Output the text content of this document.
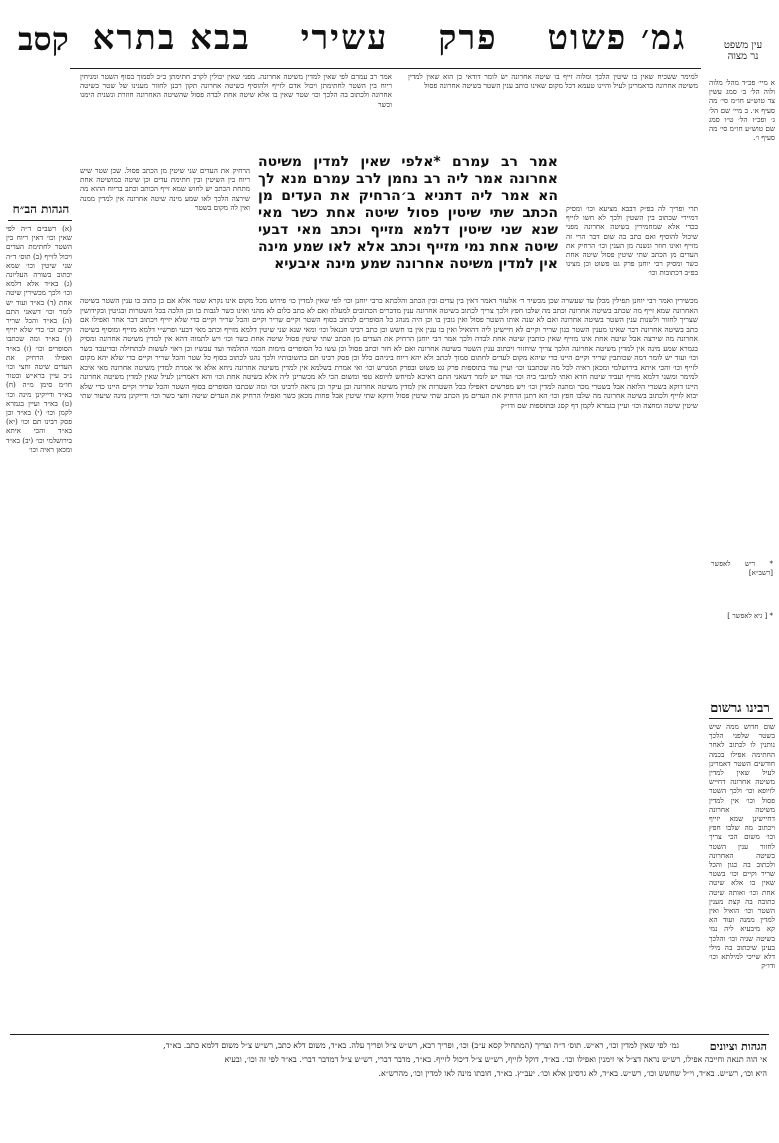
גמ׳ פשוט פרק עשירי בבא בתרא
קסב	עין משפט
נר מצוה
א מיי׳ פכ״ד מהל׳ מלוה ולוה הל׳ ב׳ סמג עשין צד טוש״ע חו״מ סי׳ מה סעיף א׳. ב מיי׳ שם הל׳ ג׳ ופכ״ז הל׳ ט״ו סמג שם טוש״ע חו״מ סי׳ מה סעיף ו׳.
* [ גיא לאפשר ]
רבינו גרשום
שום חדוש ממה שיש בשטר שלפני הלכך נותנין לו לכתוב לאחר החתימה אפילו בכמה חודשים השטר דאמרינן לעיל שאין למדין משיטה אחרונה דחייש לזיופא וכו׳ ולכך השטר פסול וכו׳ אין למדין משיטה אחרונה דחיישינן שמא יזייף ויכתוב מה שלבו חפץ וכו׳ משום הכי צריך לחזור ענין השטר בשיטה האחרונה ולכתוב בה כגון והכל שריר וקיים וכו׳ בשטר שאין בו אלא שיטה אחת וכו׳ ואותה שיטה כתובה בה קצת מענין השטר וכו׳ הואיל ואין למדין ממנה ועוד הא קא מיבעיא ליה נמי בשיטה שניה וכו׳ והלכך בעינן שיכתוב בה מילי דלא שייכי למילתא וכו׳ ודו״ק
הגהות הב״ח
(א) רשב״ם ד״ה לפי שאין וכו׳ דאין ריוח בין השטר לחתימת העדים ויכול לזייף (ב) תוס׳ ד״ה שני שיטין וכו׳ שמא יכתוב בשורה העליונה (ג) בא״ד אלא דלמא וכו׳ ולכך מכשירין שיטה אחת (ד) בא״ד ועוד יש לומר וכו׳ דשאני התם (ה) בא״ד והכל שריר וקיים וכו׳ כדי שלא יזייף (ו) בא״ד ומה שכתבו הסופרים וכו׳ (ז) בא״ד ואפילו הרחיק את העדים שיטה וחצי וכו׳ נ״ב עיין ברא״ש ובטור חו״מ סימן מ״ה (ח) בא״ד ודייקינן מינה וכו׳ (ט) בא״ד ועיין בגמרא לקמן וכו׳ (י) בא״ד וכן פסק רבינו תם וכו׳ (יא) בא״ד והכי איתא בירושלמי וכו׳ (יב) בא״ד ומכאן ראיה וכו׳
אמר רב עמרם לפי שאין למדין משיטה אחרונה. מפני שאין יכולין לקרב חתימתן כ״כ לסמוך בסוף השטר ומניחין ריוח בין השטר לחתימתן ויכול אדם לזייף ולהוסיף בשיטה אחרונה תקון רבנן לחזור מענינו של שטר בשיטה אחרונה ולכתוב בה הלכך וכו׳ שטר שאין בו אלא שיטה אחת לבדה פסול שהשיטה האחרונה חוזרת ונשנית הימנו וכשר
למימר ששכיח שאין בו שיטין הלכך ומלוה זייף בו שיטה אחרונה יש לומר דודאי כן הוא שאין למדין משיטה אחרונה כדאמרינן לעיל והיינו טעמא דכל מקום שאינו כותב ענין השטר בשיטה אחרונה פסול
אמר רב עמרם *אלפי שאין למדין משיטה אחרונה אמר ליה רב נחמן לרב עמרם מנא לך הא אמר ליה דתניא ב׳הרחיק את העדים מן הכתב שתי שיטין פסול שיטה אחת כשר מאי שנא שני שיטין דלמא מזייף וכתב מאי דבעי שיטה אחת נמי מזייף וכתב אלא לאו שמע מינה אין למדין משיטה אחרונה שמע מינה איבעיא
הרחיק את העדים שני שיטין מן הכתב פסול. שכן שטר שיש ריוח בין השיטין ובין חתימת עדים וכן שיטה כמושיטה אחת מתחת הכתב יש לחוש שמא זייף הכותב וכתב בריוח ההוא מה שירצה הלכך לאו שמע מינה שיטה אחרונה אין למדין ממנה ואין לה מקום בשטר	תרי ופריך לה בפ״ק דבבא מציעא וכו׳ ומסיק דמיירי שכתוב בין השטין ולכך לא חשו לזייף בכדי אלא שמחמירין בשיטה אחרונה מפני שיכול להוסיף ואם כתב בה שום דבר הרי זה מזייף ואינו חוזר ונשנה מן הענין וכו׳ הרחיק את העדים מן הכתב שתי שיטין פסול שיטה אחת כשר ומסיק רבי יוחנן פרק גט פשוט וכן מצינו בפ״ב דכתובות וכו׳
מכשירין ואמר רבי יוחנן תפילין מכלן עד שעשרה שכן מכשיר ר׳ אלעזר דאמר דאין בין עדים ובין הכתב והלכתא כרבי יוחנן וכו׳ לפי שאין למדין כו׳ פירוש מכל מקום אינו נקרא שטר אלא אם כן כתוב בו ענין השטר בשיטה האחרונה שמא זייף מה שכתב בשיטה אחרונה וכתב מה שלבו חפץ ולכך צריך לכתוב בשיטה אחרונה ענין מדברים הכתובים למעלה ואם לא כתב כלום לא מהני ואינו כשר לגבות בו וכן הלכה בכל השטרות ובגיטין ובקידושין שצריך לחזור ולשנות ענין השטר בשיטה אחרונה ואם לא שנה אותו השטר פסול ואין גובין בו וכן היה מנהג כל הסופרים לכתוב בסוף השטר וקיים שריר וקיים והכל שריר וקיים כדי שלא יזייף ויכתוב דבר אחר ואפילו אם כתב בשיטה אחרונה דבר שאינו מענין השטר כגון שריר וקיים לא חיישינן ליה דהואיל ואין בו ענין אין בו חשש וכן כתב רבינו חננאל וכו׳ ומאי שנא שני שיטין דלמא מזייף וכתב מאי דבעי ופרש״י דלמא מזייף ומוסיף בשיטה אחרונה מה שירצה אבל שיטה אחת אינו מזייף שאין כותבין שיטה אחת לבדה ולכך אמר רבי יוחנן הרחיק את העדים מן הכתב שתי שיטין פסול שיטה אחת כשר וכו׳ ויש לתמוה דהא אין למדין משיטה אחרונה ומסיק בגמרא שמע מינה אין למדין משיטה אחרונה הלכך צריך שיחזור ויכתוב ענין השטר בשיטה אחרונה ואם לא חזר וכתב פסול וכן עשו כל הסופרים מימות חכמי התלמוד ועד עכשיו וכן ראוי לעשות לכתחילה ובדיעבד כשר וכו׳ ועוד יש לומר דמה שכותבין שריר וקיים היינו כדי שיהא מקום לעדים לחתום סמוך לכתב ולא יהא ריוח ביניהם כלל וכן פסק רבינו תם בתשובותיו ולכך נהגו לכתוב בסוף כל שטר והכל שריר וקיים כדי שלא יהא מקום לזייף וכו׳ והכי איתא בירושלמי ומכאן ראיה לכל מה שכתבנו וכו׳ ועיין עוד בתוספות פרק גט פשוט ובפרק המגרש וכו׳ ואי אמרת בשלמא אין למדין משיטה אחרונה ניחא אלא אי אמרת למדין משיטה אחרונה מאי איכא למימר ומשני דלמא מזייף ועביד שיטה חדא ואתי למיגבי ביה וכו׳ ועוד יש לומר דשאני התם דאיכא למיחש לזיופא טפי ומשום הכי לא מכשרינן ליה אלא בשיטה אחת וכו׳ והא דאמרינן לעיל שאין למדין משיטה אחרונה היינו דוקא בשטרי הלואה אבל בשטרי מכר ומתנה למדין וכו׳ ויש מפרשים דאפילו בכל השטרות אין למדין משיטה אחרונה וכן עיקר וכן נראה לרבינו וכו׳ ומה שכתבו הסופרים בסוף השטר והכל שריר וקיים היינו כדי שלא יבוא לזייף ולכתוב בשיטה אחרונה מה שלבו חפץ וכו׳ הא דתנן הרחיק את העדים מן הכתב שתי שיטין פסול ודוקא שתי שיטין אבל פחות מכאן כשר ואפילו הרחיק את העדים שיטה וחצי כשר וכו׳ ודייקינן מינה שיעור שתי שיטין שיטה ומחצה וכו׳ ועיין בגמרא לקמן דף קסג ובתוספות שם ודו״ק
* ריש לאפשר [רשב״א]
הגהות וציונים
גמ׳ לפי שאין למדין וכו׳, רא״ש. תוס׳ ד״ה וצריך (המתחיל קסא ע״ב) וכו׳, ופריך רבא, רש״ש צ״ל ופריך עלה. בא״ד, משום דלא כתב, רש״ש צ״ל משום דלמא כתב. בא״ד,
אי הוה תנאה וחייבה אפילו, רש״ש נראה דצ״ל אי זימנין ואפילו וכו׳. בא״ד, דוקל לזייף, רש״ש צ״ל דיכול לזייף. בא״ד, מדבר דברי, רש״ש צ״ל דמדבר דברי. בא״ד לפי זה וכו׳, ובעיא
היא וכו׳, רש״ש. בא״ד, וי״ל שחשש וכו׳, רש״ש. בא״ד, לא גרסינן אלא וכו׳. יעב״ץ. בא״ד, חובתו מינה לאו למדין וכו׳, מהרש״א.
